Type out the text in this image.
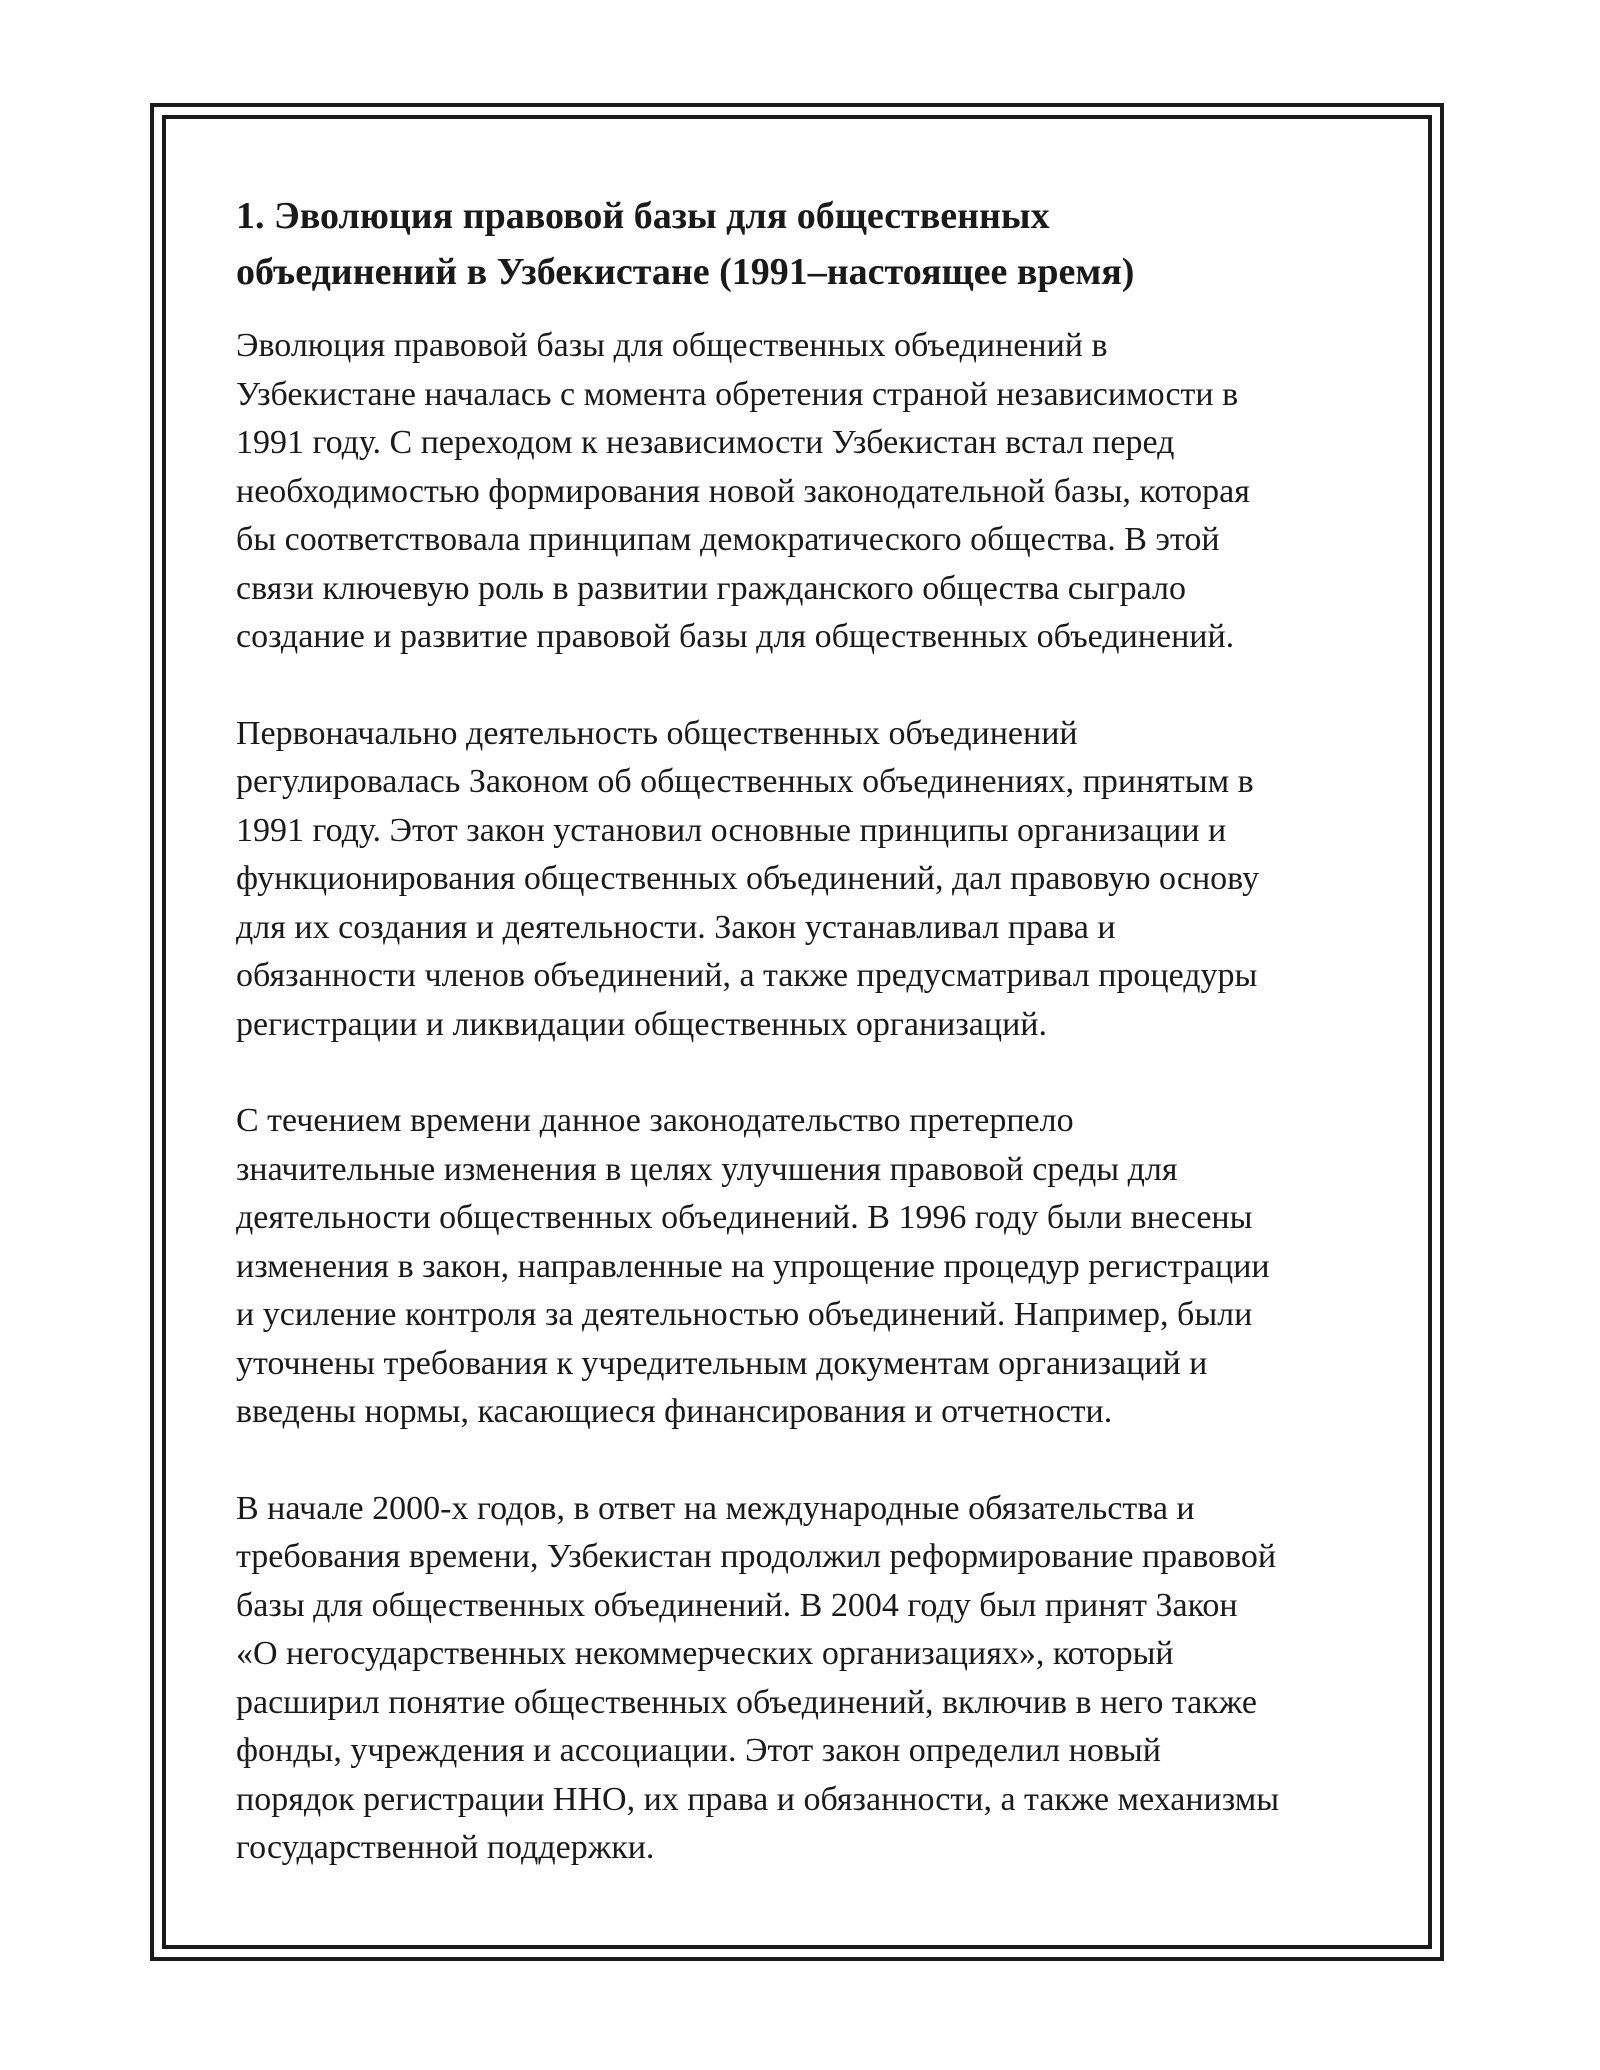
1. Эволюция правовой базы для общественных объединений в Узбекистане (1991–настоящее время)

Эволюция правовой базы для общественных объединений в
Узбекистане началась с момента обретения страной независимости в
1991 году. С переходом к независимости Узбекистан встал перед
необходимостью формирования новой законодательной базы, которая
бы соответствовала принципам демократического общества. В этой
связи ключевую роль в развитии гражданского общества сыграло
создание и развитие правовой базы для общественных объединений.

Первоначально деятельность общественных объединений
регулировалась Законом об общественных объединениях, принятым в
1991 году. Этот закон установил основные принципы организации и
функционирования общественных объединений, дал правовую основу
для их создания и деятельности. Закон устанавливал права и
обязанности членов объединений, а также предусматривал процедуры
регистрации и ликвидации общественных организаций.

С течением времени данное законодательство претерпело
значительные изменения в целях улучшения правовой среды для
деятельности общественных объединений. В 1996 году были внесены
изменения в закон, направленные на упрощение процедур регистрации
и усиление контроля за деятельностью объединений. Например, были
уточнены требования к учредительным документам организаций и
введены нормы, касающиеся финансирования и отчетности.

В начале 2000-х годов, в ответ на международные обязательства и
требования времени, Узбекистан продолжил реформирование правовой
базы для общественных объединений. В 2004 году был принят Закон
«О негосударственных некоммерческих организациях», который
расширил понятие общественных объединений, включив в него также
фонды, учреждения и ассоциации. Этот закон определил новый
порядок регистрации ННО, их права и обязанности, а также механизмы
государственной поддержки.
